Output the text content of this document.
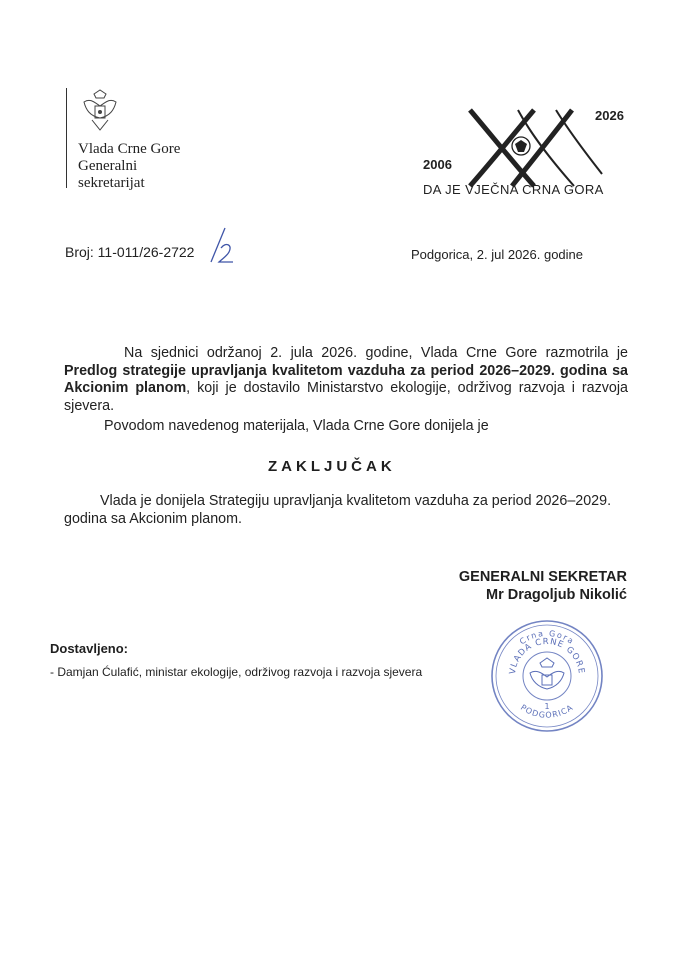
Vlada Crne Gore
Generalni
sekretarijat
2026
2006
DA JE VJEČNA CRNA GORA
Broj: 11-011/26-2722	Podgorica, 2. jul 2026. godine
Na sjednici održanoj 2. jula 2026. godine, Vlada Crne Gore razmotrila je Predlog strategije upravljanja kvalitetom vazduha za period 2026–2029. godina sa Akcionim planom, koji je dostavilo Ministarstvo ekologije, održivog razvoja i razvoja sjevera.
Povodom navedenog materijala, Vlada Crne Gore donijela je
ZAKLJUČAK
Vlada je donijela Strategiju upravljanja kvalitetom vazduha za period 2026–2029. godina sa Akcionim planom.
GENERALNI SEKRETAR
Mr Dragoljub Nikolić
Dostavljeno:
- Damjan Ćulafić, ministar ekologije, održivog razvoja i razvoja sjevera
Crna Gora
VLADA CRNE GORE
PODGORICA
1
